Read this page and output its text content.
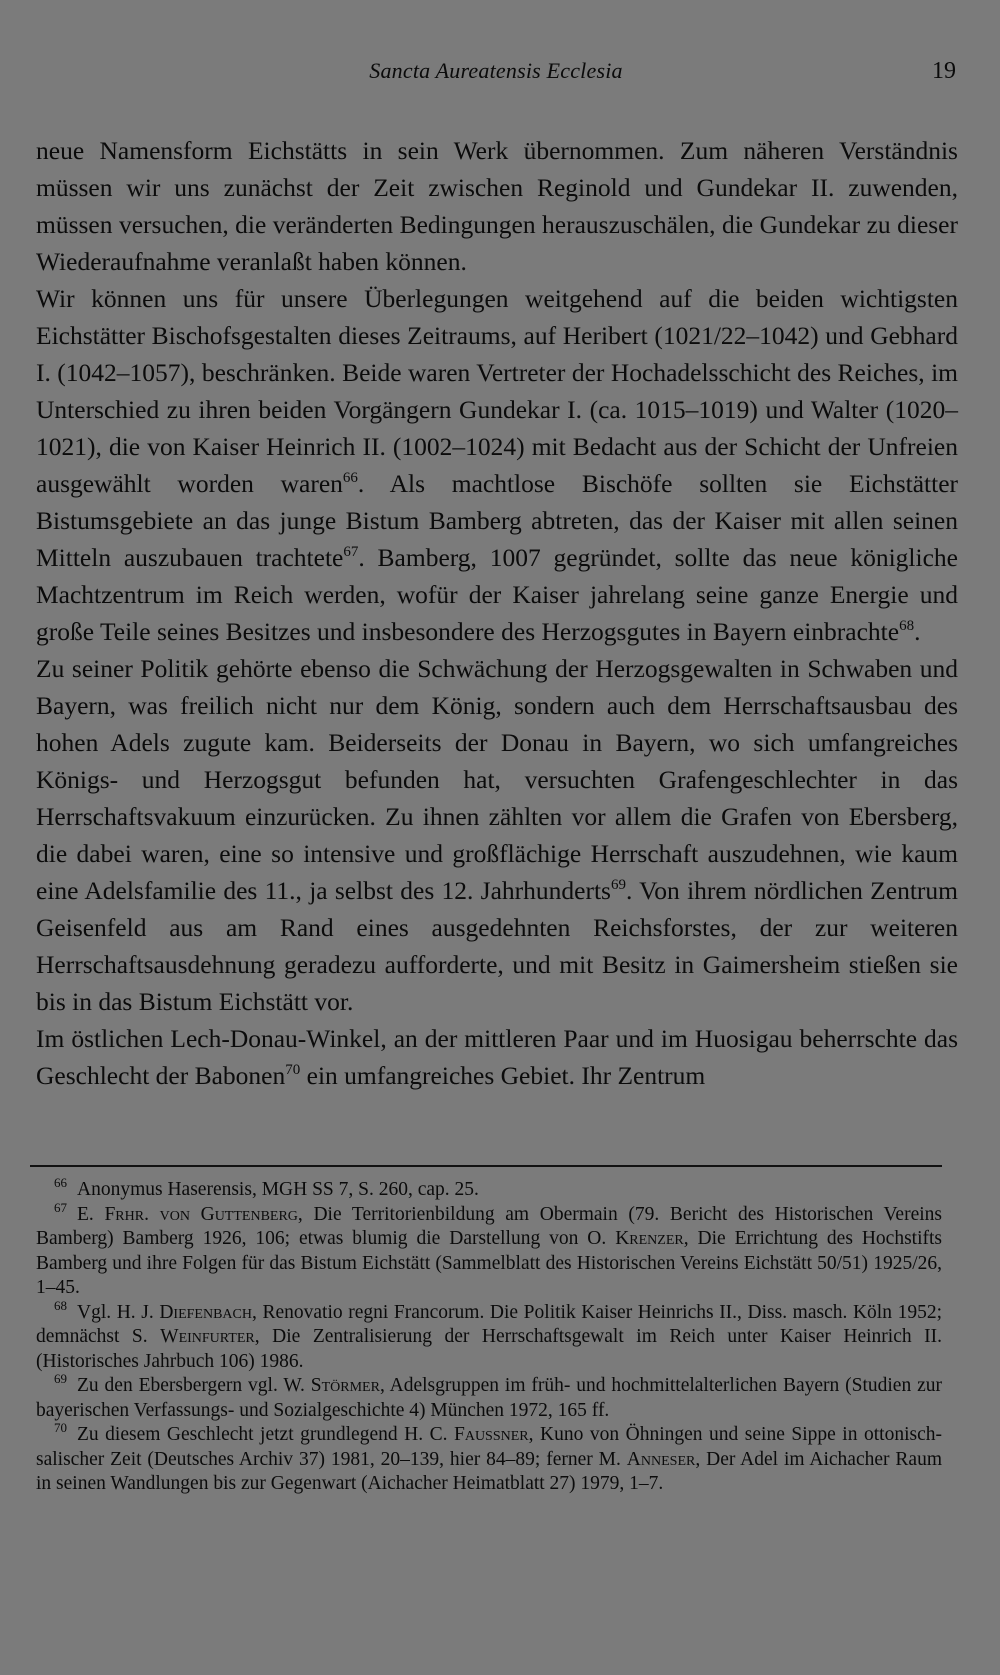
Sancta Aureatensis Ecclesia	19

neue Namensform Eichstätts in sein Werk übernommen. Zum näheren Verständnis müssen wir uns zunächst der Zeit zwischen Reginold und Gundekar II. zuwenden, müssen versuchen, die veränderten Bedingungen herauszuschälen, die Gundekar zu dieser Wiederaufnahme veranlaßt haben können.

Wir können uns für unsere Überlegungen weitgehend auf die beiden wichtigsten Eichstätter Bischofsgestalten dieses Zeitraums, auf Heribert (1021/22–1042) und Gebhard I. (1042–1057), beschränken. Beide waren Vertreter der Hochadelsschicht des Reiches, im Unterschied zu ihren beiden Vorgängern Gundekar I. (ca. 1015–1019) und Walter (1020–1021), die von Kaiser Heinrich II. (1002–1024) mit Bedacht aus der Schicht der Unfreien ausgewählt worden waren$^{66}$. Als machtlose Bischöfe sollten sie Eichstätter Bistumsgebiete an das junge Bistum Bamberg abtreten, das der Kaiser mit allen seinen Mitteln auszubauen trachtete$^{67}$. Bamberg, 1007 gegründet, sollte das neue königliche Machtzentrum im Reich werden, wofür der Kaiser jahrelang seine ganze Energie und große Teile seines Besitzes und insbesondere des Herzogsgutes in Bayern einbrachte$^{68}$.

Zu seiner Politik gehörte ebenso die Schwächung der Herzogsgewalten in Schwaben und Bayern, was freilich nicht nur dem König, sondern auch dem Herrschaftsausbau des hohen Adels zugute kam. Beiderseits der Donau in Bayern, wo sich umfangreiches Königs- und Herzogsgut befunden hat, versuchten Grafengeschlechter in das Herrschaftsvakuum einzurücken. Zu ihnen zählten vor allem die Grafen von Ebersberg, die dabei waren, eine so intensive und großflächige Herrschaft auszudehnen, wie kaum eine Adelsfamilie des 11., ja selbst des 12. Jahrhunderts$^{69}$. Von ihrem nördlichen Zentrum Geisenfeld aus am Rand eines ausgedehnten Reichsforstes, der zur weiteren Herrschaftsausdehnung geradezu aufforderte, und mit Besitz in Gaimersheim stießen sie bis in das Bistum Eichstätt vor.

Im östlichen Lech-Donau-Winkel, an der mittleren Paar und im Huosigau beherrschte das Geschlecht der Babonen$^{70}$ ein umfangreiches Gebiet. Ihr Zentrum

$^{66}$ Anonymus Haserensis, MGH SS 7, S. 260, cap. 25.

$^{67}$ E. Frhr. von Guttenberg, Die Territorienbildung am Obermain (79. Bericht des Historischen Vereins Bamberg) Bamberg 1926, 106; etwas blumig die Darstellung von O. Krenzer, Die Errichtung des Hochstifts Bamberg und ihre Folgen für das Bistum Eichstätt (Sammelblatt des Historischen Vereins Eichstätt 50/51) 1925/26, 1–45.

$^{68}$ Vgl. H. J. Diefenbach, Renovatio regni Francorum. Die Politik Kaiser Heinrichs II., Diss. masch. Köln 1952; demnächst S. Weinfurter, Die Zentralisierung der Herrschaftsgewalt im Reich unter Kaiser Heinrich II. (Historisches Jahrbuch 106) 1986.

$^{69}$ Zu den Ebersbergern vgl. W. Störmer, Adelsgruppen im früh- und hochmittelalterlichen Bayern (Studien zur bayerischen Verfassungs- und Sozialgeschichte 4) München 1972, 165 ff.

$^{70}$ Zu diesem Geschlecht jetzt grundlegend H. C. Faussner, Kuno von Öhningen und seine Sippe in ottonisch-salischer Zeit (Deutsches Archiv 37) 1981, 20–139, hier 84–89; ferner M. Anneser, Der Adel im Aichacher Raum in seinen Wandlungen bis zur Gegenwart (Aichacher Heimatblatt 27) 1979, 1–7.
